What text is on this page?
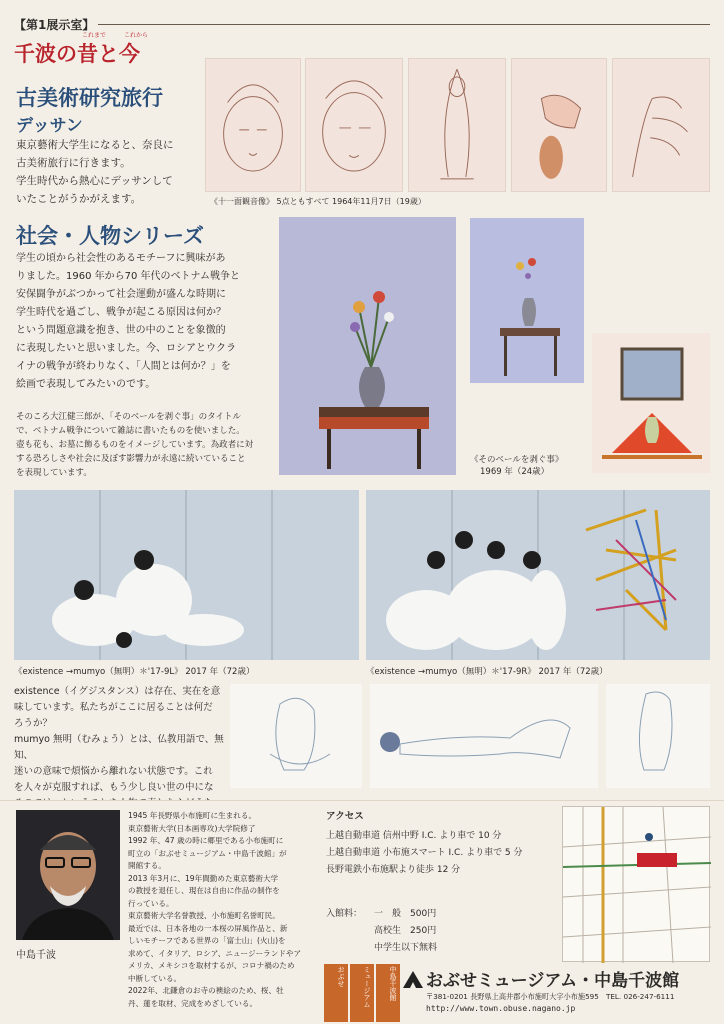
【第1展示室】
これまで	これから
千波の昔と今
古美術研究旅行
デッサン
東京藝術大学生になると、奈良に
古美術旅行に行きます。
学生時代から熱心にデッサンして
いたことがうかがえます。	《十一面観音像》 5点ともすべて 1964年11月7日（19歳）
社会・人物シリーズ
学生の頃から社会性のあるモチーフに興味があ
りました。1960 年から70 年代のベトナム戦争と
安保闘争がぶつかって社会運動が盛んな時期に
学生時代を過ごし、戦争が起こる原因は何か？
という問題意識を抱き、世の中のことを象徴的
に表現したいと思いました。今、ロシアとウクラ
イナの戦争が終わりなく、「人間とは何か？」を
絵画で表現してみたいのです。
そのころ大江健三郎が、「そのベールを剥ぐ事」のタイトル
で、ベトナム戦争について雑誌に書いたものを使いました。
壺も花も、お墓に飾るものをイメージしています。為政者に対
する恐ろしさや社会に及ぼす影響力が永遠に続いていること
を表現しています。
《そのベールを剥ぐ事》
1969 年（24歳）
《existence →mumyo（無明）＊'17-9L》 2017 年（72歳）	《existence →mumyo（無明）＊'17-9R》 2017 年（72歳）
existence（イグジスタンス）は存在、実在を意
味しています。私たちがここに居ることは何だ
ろうか？
mumyo 無明（むみょう）とは、仏教用語で、無知、
迷いの意味で煩悩から離れない状態です。これ
を人々が克服すれば、もう少し良い世の中にな
中島千波
1945 年長野県小布施町に生まれる。
東京藝術大学(日本画専攻)大学院修了
1992 年、47 歳の時に郷里である小布施町に
町立の「おぶせミュージアム・中島千波館」が
開館する。
2013 年3月に、19年間勤めた東京藝術大学
の教授を退任し、現在は自由に作品の制作を
行っている。
東京藝術大学名誉教授、小布施町名誉町民。
最近では、日本各地の一本桜の屏風作品と、新
しいモチーフである世界の「富士山」(火山)を
求めて、イタリア、ロシア、ニュージーランドやア
メリカ、メキシコを取材するが、コロナ禍のため
中断している。
2022年、北鎌倉のお寺の襖絵のため、桜、牡
丹、蓮を取材、完成をめざしている。
アクセス
上越自動車道 信州中野 I.C. より車で 10 分
上越自動車道 小布施スマート I.C. より車で 5 分
長野電鉄小布施駅より徒歩 12 分
入館料： 一　般　 500円
高校生　 250円
中学生以下無料
おぶせ	ミュージアム	中島千波館 おぶせミュージアム・中島千波館
〒381-0201 長野県上高井郡小布施町大字小布施595　TEL. 026-247-6111
http://www.town.obuse.nagano.jp
